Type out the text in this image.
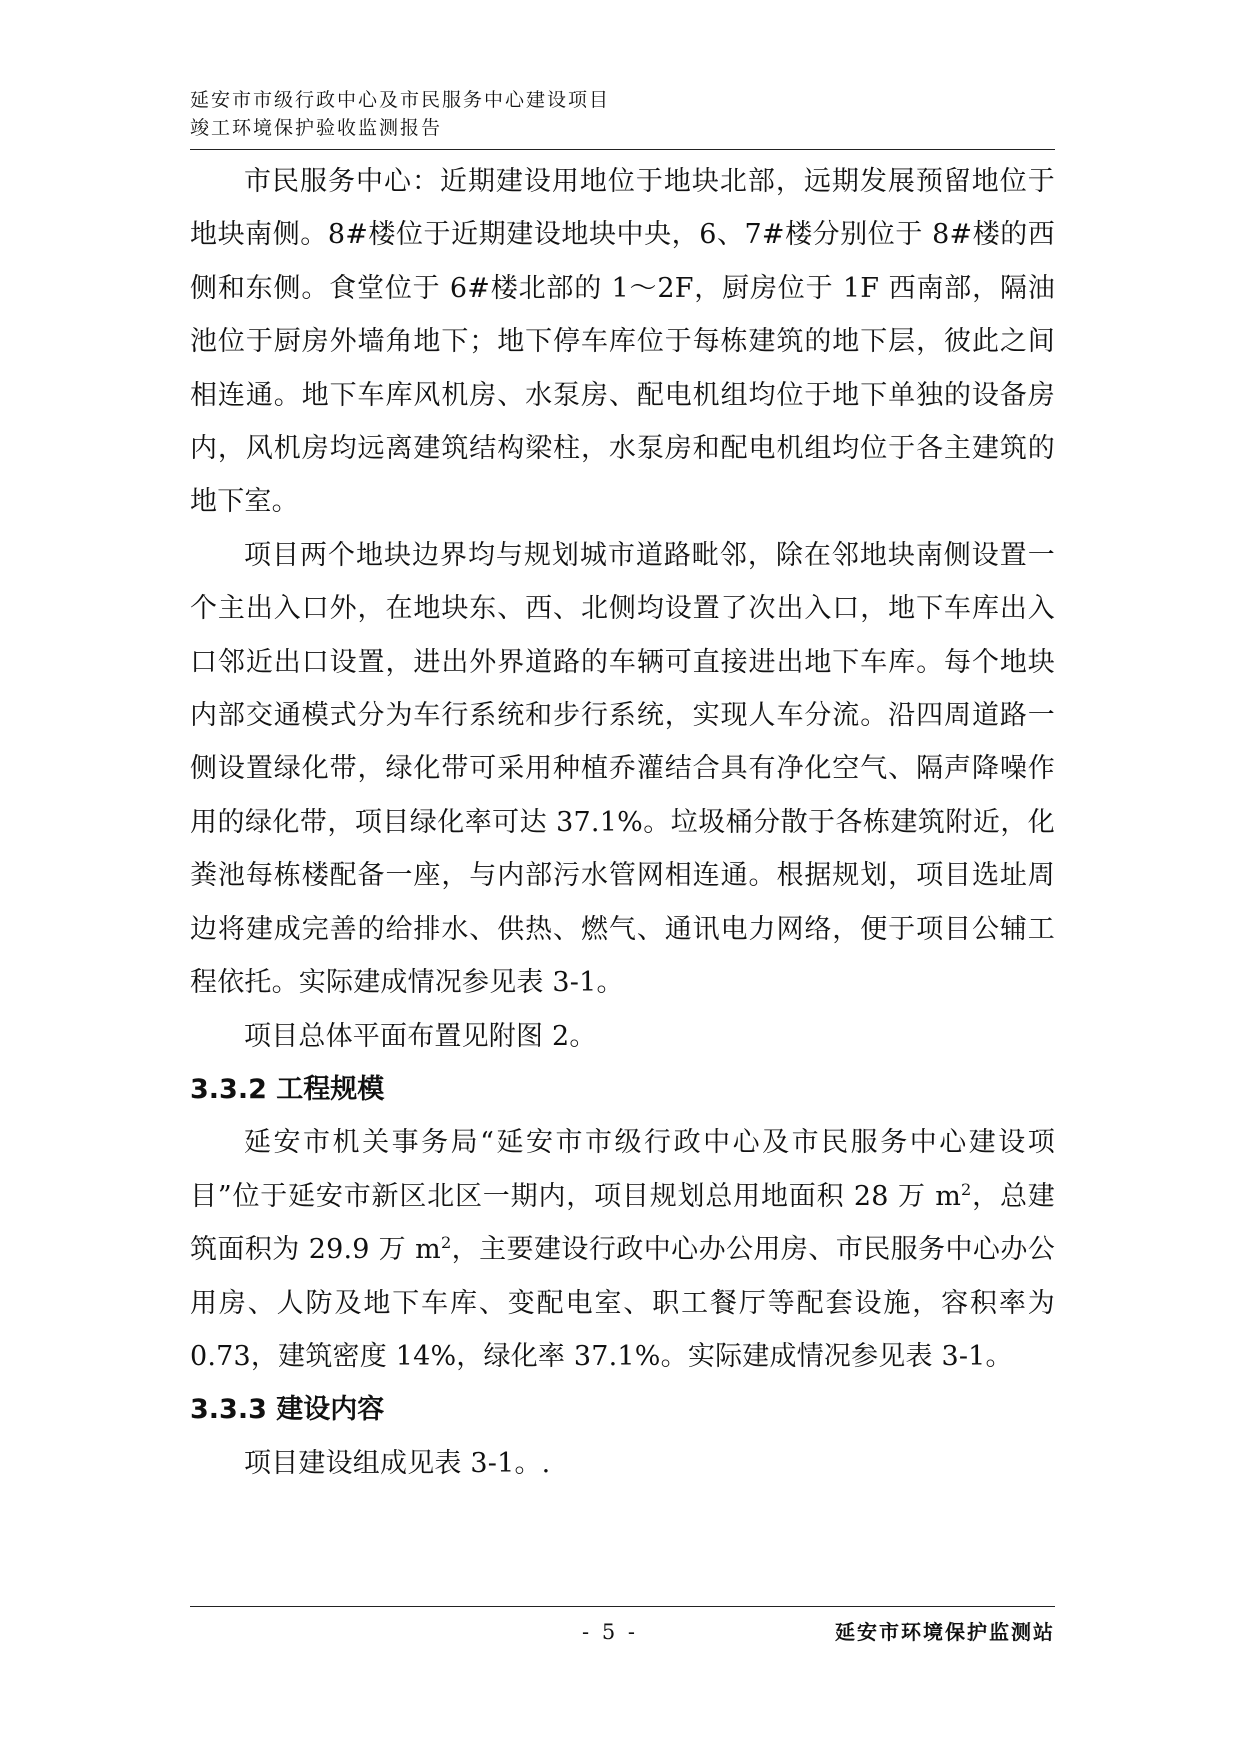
延安市市级行政中心及市民服务中心建设项目
竣工环境保护验收监测报告

市民服务中心：近期建设用地位于地块北部，远期发展预留地位于地块南侧。8#楼位于近期建设地块中央，6、7#楼分别位于 8#楼的西侧和东侧。食堂位于 6#楼北部的 1～2F，厨房位于 1F 西南部，隔油池位于厨房外墙角地下；地下停车库位于每栋建筑的地下层，彼此之间相连通。地下车库风机房、水泵房、配电机组均位于地下单独的设备房内，风机房均远离建筑结构梁柱，水泵房和配电机组均位于各主建筑的地下室。

项目两个地块边界均与规划城市道路毗邻，除在邻地块南侧设置一个主出入口外，在地块东、西、北侧均设置了次出入口，地下车库出入口邻近出口设置，进出外界道路的车辆可直接进出地下车库。每个地块内部交通模式分为车行系统和步行系统，实现人车分流。沿四周道路一侧设置绿化带，绿化带可采用种植乔灌结合具有净化空气、隔声降噪作用的绿化带，项目绿化率可达 37.1%。垃圾桶分散于各栋建筑附近，化粪池每栋楼配备一座，与内部污水管网相连通。根据规划，项目选址周边将建成完善的给排水、供热、燃气、通讯电力网络，便于项目公辅工程依托。实际建成情况参见表 3-1。

项目总体平面布置见附图 2。

3.3.2 工程规模

延安市机关事务局“延安市市级行政中心及市民服务中心建设项目”位于延安市新区北区一期内，项目规划总用地面积 28 万 $m^2$，总建筑面积为 29.9 万 $m^2$，主要建设行政中心办公用房、市民服务中心办公用房、人防及地下车库、变配电室、职工餐厅等配套设施，容积率为 0.73，建筑密度 14%，绿化率 37.1%。实际建成情况参见表 3-1。

3.3.3 建设内容

项目建设组成见表 3-1。.

- 5 -	延安市环境保护监测站
